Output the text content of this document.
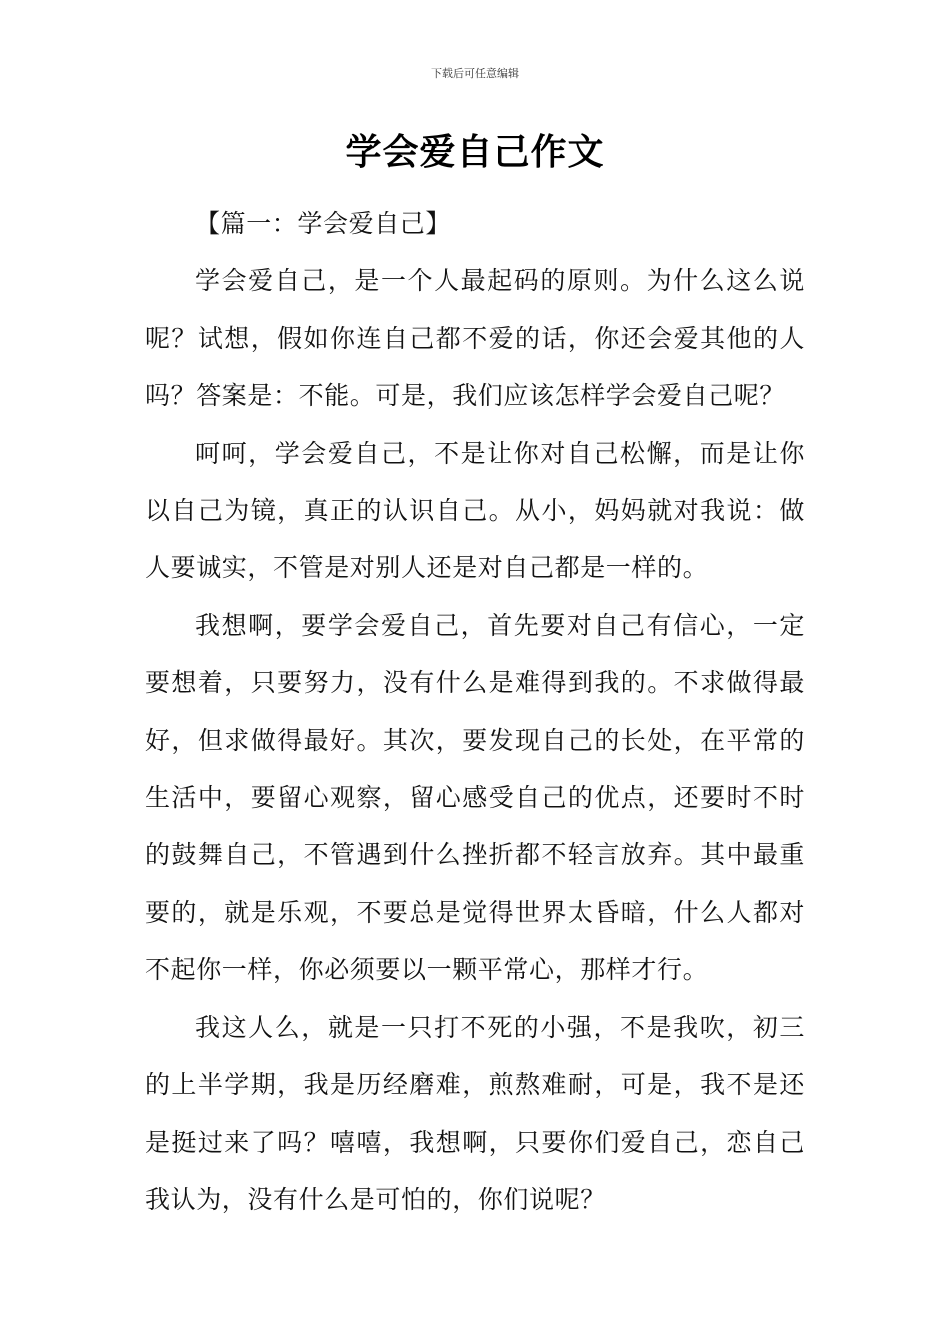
下载后可任意编辑
学会爱自己作文

【篇一：学会爱自己】

学会爱自己，是一个人最起码的原则。为什么这么说呢？试想，假如你连自己都不爱的话，你还会爱其他的人吗？答案是：不能。可是，我们应该怎样学会爱自己呢？

呵呵，学会爱自己，不是让你对自己松懈，而是让你以自己为镜，真正的认识自己。从小，妈妈就对我说：做人要诚实，不管是对别人还是对自己都是一样的。

我想啊，要学会爱自己，首先要对自己有信心，一定要想着，只要努力，没有什么是难得到我的。不求做得最好，但求做得最好。其次，要发现自己的长处，在平常的生活中，要留心观察，留心感受自己的优点，还要时不时的鼓舞自己，不管遇到什么挫折都不轻言放弃。其中最重要的，就是乐观，不要总是觉得世界太昏暗，什么人都对不起你一样，你必须要以一颗平常心，那样才行。

我这人么，就是一只打不死的小强，不是我吹，初三的上半学期，我是历经磨难，煎熬难耐，可是，我不是还是挺过来了吗？嘻嘻，我想啊，只要你们爱自己，恋自己我认为，没有什么是可怕的，你们说呢？
